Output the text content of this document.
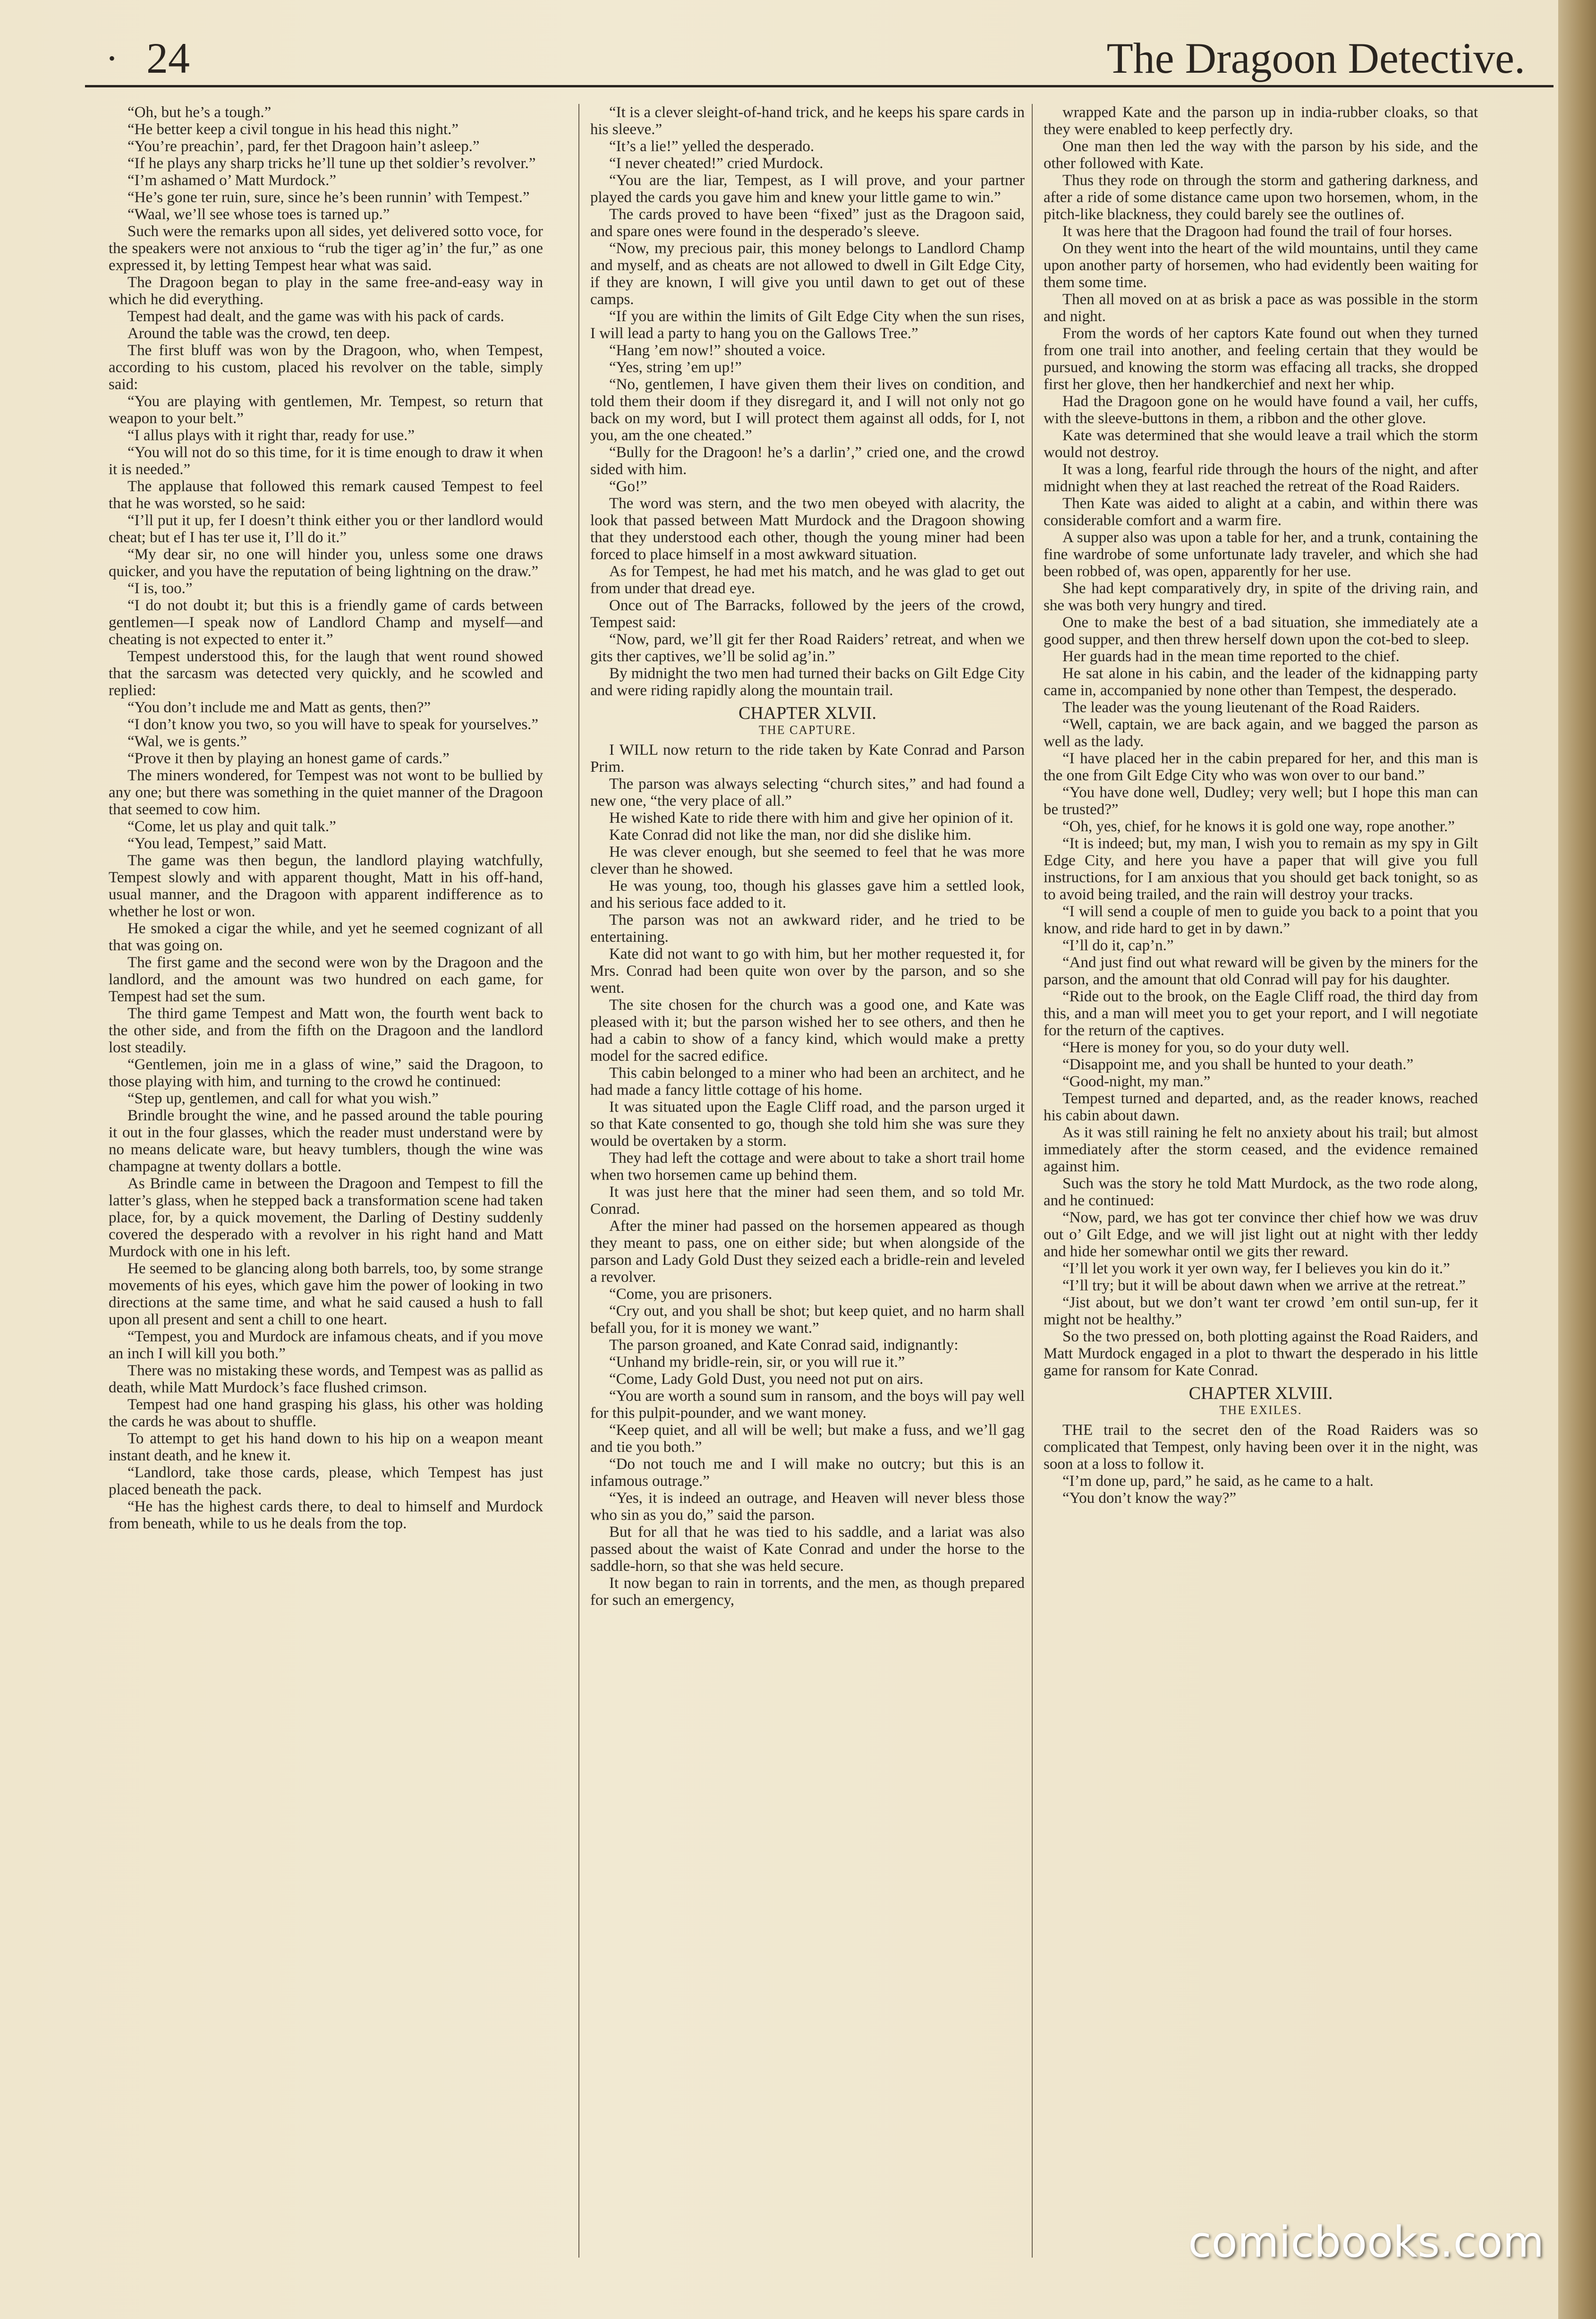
• 24	The Dragoon Detective.

“Oh, but he’s a tough.”

“He better keep a civil tongue in his head this night.”

“You’re preachin’, pard, fer thet Dragoon hain’t asleep.”

“If he plays any sharp tricks he’ll tune up thet soldier’s revolver.”

“I’m ashamed o’ Matt Murdock.”

“He’s gone ter ruin, sure, since he’s been runnin’ with Tempest.”

“Waal, we’ll see whose toes is tarned up.”

Such were the remarks upon all sides, yet delivered sotto voce, for the speakers were not anxious to “rub the tiger ag’in’ the fur,” as one expressed it, by letting Tempest hear what was said.

The Dragoon began to play in the same free-and-easy way in which he did everything.

Tempest had dealt, and the game was with his pack of cards.

Around the table was the crowd, ten deep.

The first bluff was won by the Dragoon, who, when Tempest, according to his custom, placed his revolver on the table, simply said:

“You are playing with gentlemen, Mr. Tempest, so return that weapon to your belt.”

“I allus plays with it right thar, ready for use.”

“You will not do so this time, for it is time enough to draw it when it is needed.”

The applause that followed this remark caused Tempest to feel that he was worsted, so he said:

“I’ll put it up, fer I doesn’t think either you or ther landlord would cheat; but ef I has ter use it, I’ll do it.”

“My dear sir, no one will hinder you, unless some one draws quicker, and you have the reputation of being lightning on the draw.”

“I is, too.”

“I do not doubt it; but this is a friendly game of cards between gentlemen—I speak now of Landlord Champ and myself—and cheating is not expected to enter it.”

Tempest understood this, for the laugh that went round showed that the sarcasm was detected very quickly, and he scowled and replied:

“You don’t include me and Matt as gents, then?”

“I don’t know you two, so you will have to speak for yourselves.”

“Wal, we is gents.”

“Prove it then by playing an honest game of cards.”

The miners wondered, for Tempest was not wont to be bullied by any one; but there was something in the quiet manner of the Dragoon that seemed to cow him.

“Come, let us play and quit talk.”

“You lead, Tempest,” said Matt.

The game was then begun, the landlord playing watchfully, Tempest slowly and with apparent thought, Matt in his off-hand, usual manner, and the Dragoon with apparent indifference as to whether he lost or won.

He smoked a cigar the while, and yet he seemed cognizant of all that was going on.

The first game and the second were won by the Dragoon and the landlord, and the amount was two hundred on each game, for Tempest had set the sum.

The third game Tempest and Matt won, the fourth went back to the other side, and from the fifth on the Dragoon and the landlord lost steadily.

“Gentlemen, join me in a glass of wine,” said the Dragoon, to those playing with him, and turning to the crowd he continued:

“Step up, gentlemen, and call for what you wish.”

Brindle brought the wine, and he passed around the table pouring it out in the four glasses, which the reader must understand were by no means delicate ware, but heavy tumblers, though the wine was champagne at twenty dollars a bottle.

As Brindle came in between the Dragoon and Tempest to fill the latter’s glass, when he stepped back a transformation scene had taken place, for, by a quick movement, the Darling of Destiny suddenly covered the desperado with a revolver in his right hand and Matt Murdock with one in his left.

He seemed to be glancing along both barrels, too, by some strange movements of his eyes, which gave him the power of looking in two directions at the same time, and what he said caused a hush to fall upon all present and sent a chill to one heart.

“Tempest, you and Murdock are infamous cheats, and if you move an inch I will kill you both.”

There was no mistaking these words, and Tempest was as pallid as death, while Matt Murdock’s face flushed crimson.

Tempest had one hand grasping his glass, his other was holding the cards he was about to shuffle.

To attempt to get his hand down to his hip on a weapon meant instant death, and he knew it.

“Landlord, take those cards, please, which Tempest has just placed beneath the pack.

“He has the highest cards there, to deal to himself and Murdock from beneath, while to us he deals from the top.

“It is a clever sleight-of-hand trick, and he keeps his spare cards in his sleeve.”

“It’s a lie!” yelled the desperado.

“I never cheated!” cried Murdock.

“You are the liar, Tempest, as I will prove, and your partner played the cards you gave him and knew your little game to win.”

The cards proved to have been “fixed” just as the Dragoon said, and spare ones were found in the desperado’s sleeve.

“Now, my precious pair, this money belongs to Landlord Champ and myself, and as cheats are not allowed to dwell in Gilt Edge City, if they are known, I will give you until dawn to get out of these camps.

“If you are within the limits of Gilt Edge City when the sun rises, I will lead a party to hang you on the Gallows Tree.”

“Hang ’em now!” shouted a voice.

“Yes, string ’em up!”

“No, gentlemen, I have given them their lives on condition, and told them their doom if they disregard it, and I will not only not go back on my word, but I will protect them against all odds, for I, not you, am the one cheated.”

“Bully for the Dragoon! he’s a darlin’,” cried one, and the crowd sided with him.

“Go!”

The word was stern, and the two men obeyed with alacrity, the look that passed between Matt Murdock and the Dragoon showing that they understood each other, though the young miner had been forced to place himself in a most awkward situation.

As for Tempest, he had met his match, and he was glad to get out from under that dread eye.

Once out of The Barracks, followed by the jeers of the crowd, Tempest said:

“Now, pard, we’ll git fer ther Road Raiders’ retreat, and when we gits ther captives, we’ll be solid ag’in.”

By midnight the two men had turned their backs on Gilt Edge City and were riding rapidly along the mountain trail.

CHAPTER XLVII.

THE CAPTURE.

I WILL now return to the ride taken by Kate Conrad and Parson Prim.

The parson was always selecting “church sites,” and had found a new one, “the very place of all.”

He wished Kate to ride there with him and give her opinion of it.

Kate Conrad did not like the man, nor did she dislike him.

He was clever enough, but she seemed to feel that he was more clever than he showed.

He was young, too, though his glasses gave him a settled look, and his serious face added to it.

The parson was not an awkward rider, and he tried to be entertaining.

Kate did not want to go with him, but her mother requested it, for Mrs. Conrad had been quite won over by the parson, and so she went.

The site chosen for the church was a good one, and Kate was pleased with it; but the parson wished her to see others, and then he had a cabin to show of a fancy kind, which would make a pretty model for the sacred edifice.

This cabin belonged to a miner who had been an architect, and he had made a fancy little cottage of his home.

It was situated upon the Eagle Cliff road, and the parson urged it so that Kate consented to go, though she told him she was sure they would be overtaken by a storm.

They had left the cottage and were about to take a short trail home when two horsemen came up behind them.

It was just here that the miner had seen them, and so told Mr. Conrad.

After the miner had passed on the horsemen appeared as though they meant to pass, one on either side; but when alongside of the parson and Lady Gold Dust they seized each a bridle-rein and leveled a revolver.

“Come, you are prisoners.

“Cry out, and you shall be shot; but keep quiet, and no harm shall befall you, for it is money we want.”

The parson groaned, and Kate Conrad said, indignantly:

“Unhand my bridle-rein, sir, or you will rue it.”

“Come, Lady Gold Dust, you need not put on airs.

“You are worth a sound sum in ransom, and the boys will pay well for this pulpit-pounder, and we want money.

“Keep quiet, and all will be well; but make a fuss, and we’ll gag and tie you both.”

“Do not touch me and I will make no outcry; but this is an infamous outrage.”

“Yes, it is indeed an outrage, and Heaven will never bless those who sin as you do,” said the parson.

But for all that he was tied to his saddle, and a lariat was also passed about the waist of Kate Conrad and under the horse to the saddle-horn, so that she was held secure.

It now began to rain in torrents, and the men, as though prepared for such an emergency,

wrapped Kate and the parson up in india-rubber cloaks, so that they were enabled to keep perfectly dry.

One man then led the way with the parson by his side, and the other followed with Kate.

Thus they rode on through the storm and gathering darkness, and after a ride of some distance came upon two horsemen, whom, in the pitch-like blackness, they could barely see the outlines of.

It was here that the Dragoon had found the trail of four horses.

On they went into the heart of the wild mountains, until they came upon another party of horsemen, who had evidently been waiting for them some time.

Then all moved on at as brisk a pace as was possible in the storm and night.

From the words of her captors Kate found out when they turned from one trail into another, and feeling certain that they would be pursued, and knowing the storm was effacing all tracks, she dropped first her glove, then her handkerchief and next her whip.

Had the Dragoon gone on he would have found a vail, her cuffs, with the sleeve-buttons in them, a ribbon and the other glove.

Kate was determined that she would leave a trail which the storm would not destroy.

It was a long, fearful ride through the hours of the night, and after midnight when they at last reached the retreat of the Road Raiders.

Then Kate was aided to alight at a cabin, and within there was considerable comfort and a warm fire.

A supper also was upon a table for her, and a trunk, containing the fine wardrobe of some unfortunate lady traveler, and which she had been robbed of, was open, apparently for her use.

She had kept comparatively dry, in spite of the driving rain, and she was both very hungry and tired.

One to make the best of a bad situation, she immediately ate a good supper, and then threw herself down upon the cot-bed to sleep.

Her guards had in the mean time reported to the chief.

He sat alone in his cabin, and the leader of the kidnapping party came in, accompanied by none other than Tempest, the desperado.

The leader was the young lieutenant of the Road Raiders.

“Well, captain, we are back again, and we bagged the parson as well as the lady.

“I have placed her in the cabin prepared for her, and this man is the one from Gilt Edge City who was won over to our band.”

“You have done well, Dudley; very well; but I hope this man can be trusted?”

“Oh, yes, chief, for he knows it is gold one way, rope another.”

“It is indeed; but, my man, I wish you to remain as my spy in Gilt Edge City, and here you have a paper that will give you full instructions, for I am anxious that you should get back tonight, so as to avoid being trailed, and the rain will destroy your tracks.

“I will send a couple of men to guide you back to a point that you know, and ride hard to get in by dawn.”

“I’ll do it, cap’n.”

“And just find out what reward will be given by the miners for the parson, and the amount that old Conrad will pay for his daughter.

“Ride out to the brook, on the Eagle Cliff road, the third day from this, and a man will meet you to get your report, and I will negotiate for the return of the captives.

“Here is money for you, so do your duty well.

“Disappoint me, and you shall be hunted to your death.”

“Good-night, my man.”

Tempest turned and departed, and, as the reader knows, reached his cabin about dawn.

As it was still raining he felt no anxiety about his trail; but almost immediately after the storm ceased, and the evidence remained against him.

Such was the story he told Matt Murdock, as the two rode along, and he continued:

“Now, pard, we has got ter convince ther chief how we was druv out o’ Gilt Edge, and we will jist light out at night with ther leddy and hide her somewhar ontil we gits ther reward.

“I’ll let you work it yer own way, fer I believes you kin do it.”

“I’ll try; but it will be about dawn when we arrive at the retreat.”

“Jist about, but we don’t want ter crowd ’em ontil sun-up, fer it might not be healthy.”

So the two pressed on, both plotting against the Road Raiders, and Matt Murdock engaged in a plot to thwart the desperado in his little game for ransom for Kate Conrad.

CHAPTER XLVIII.

THE EXILES.

THE trail to the secret den of the Road Raiders was so complicated that Tempest, only having been over it in the night, was soon at a loss to follow it.

“I’m done up, pard,” he said, as he came to a halt.

“You don’t know the way?”

comicbooks.com
